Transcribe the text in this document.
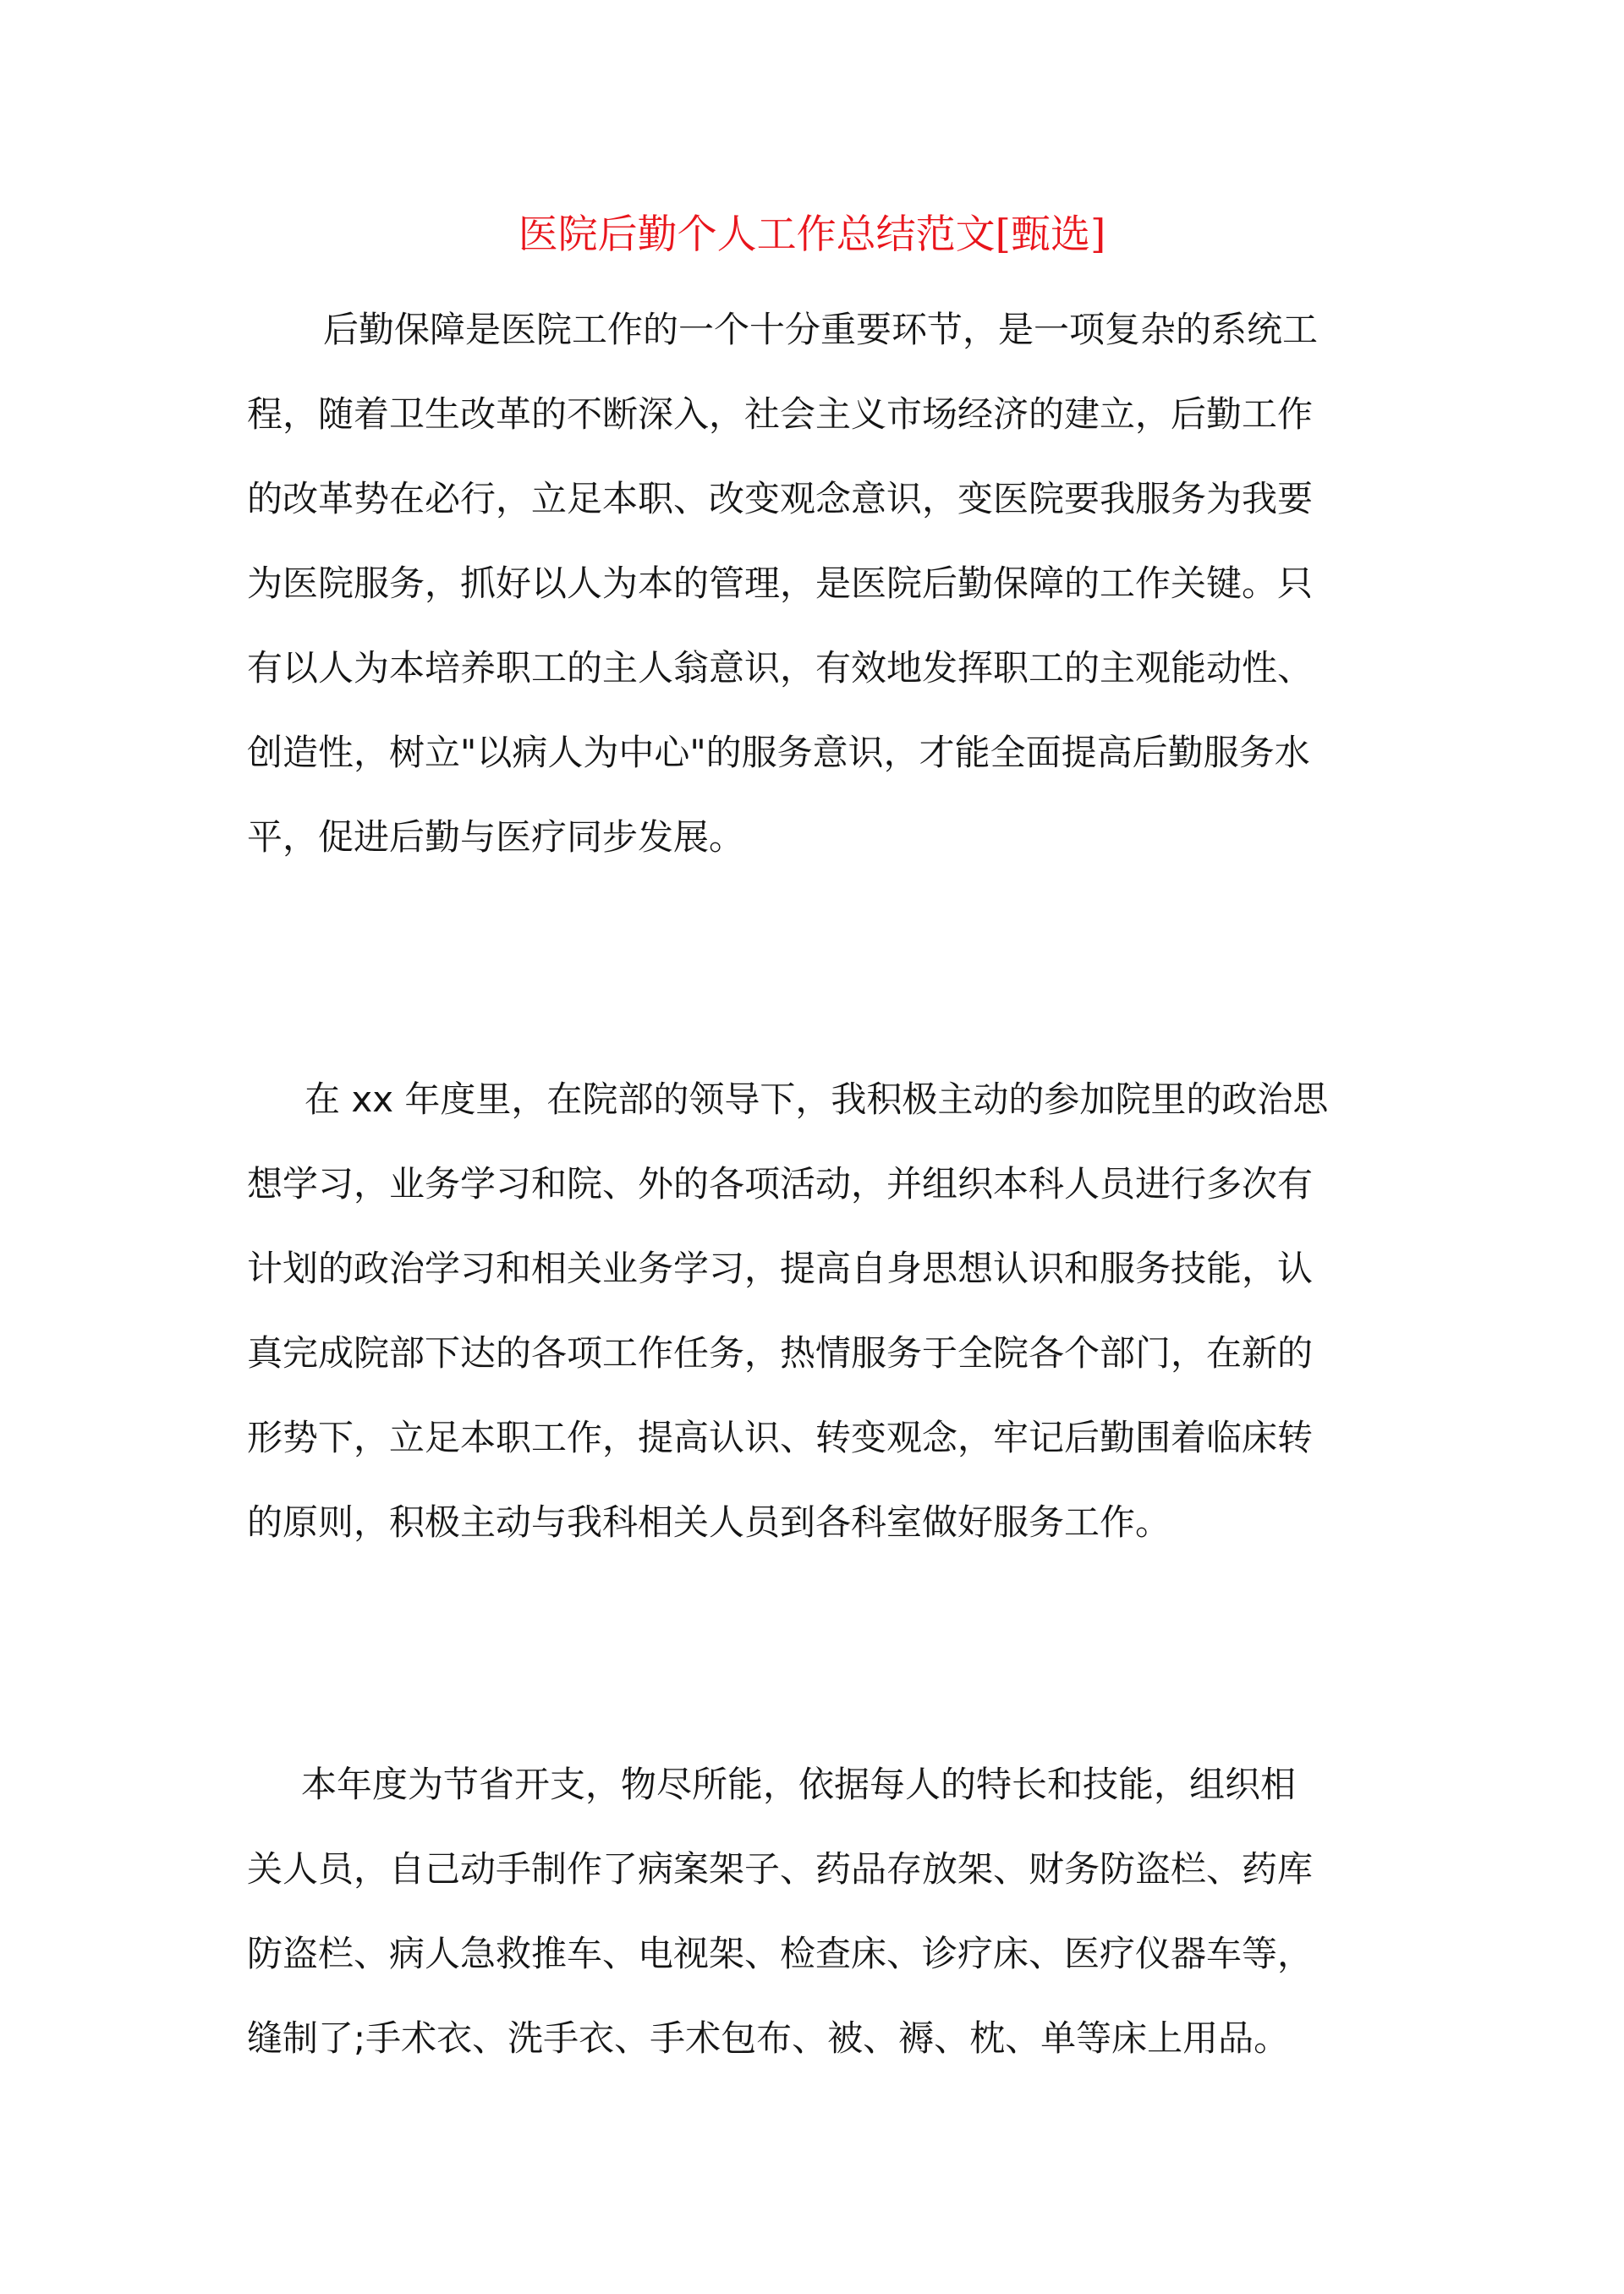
医院后勤个人工作总结范文[甄选]

后勤保障是医院工作的一个十分重要环节，是一项复杂的系统工
程，随着卫生改革的不断深入，社会主义市场经济的建立，后勤工作
的改革势在必行，立足本职、改变观念意识，变医院要我服务为我要
为医院服务，抓好以人为本的管理，是医院后勤保障的工作关键。只
有以人为本培养职工的主人翁意识，有效地发挥职工的主观能动性、
创造性，树立"以病人为中心"的服务意识，才能全面提高后勤服务水
平，促进后勤与医疗同步发展。

在 xx 年度里，在院部的领导下，我积极主动的参加院里的政治思
想学习，业务学习和院、外的各项活动，并组织本科人员进行多次有
计划的政治学习和相关业务学习，提高自身思想认识和服务技能，认
真完成院部下达的各项工作任务，热情服务于全院各个部门，在新的
形势下，立足本职工作，提高认识、转变观念，牢记后勤围着临床转
的原则，积极主动与我科相关人员到各科室做好服务工作。

本年度为节省开支，物尽所能，依据每人的特长和技能，组织相
关人员，自己动手制作了病案架子、药品存放架、财务防盗栏、药库
防盗栏、病人急救推车、电视架、检查床、诊疗床、医疗仪器车等，
缝制了;手术衣、洗手衣、手术包布、被、褥、枕、单等床上用品。
